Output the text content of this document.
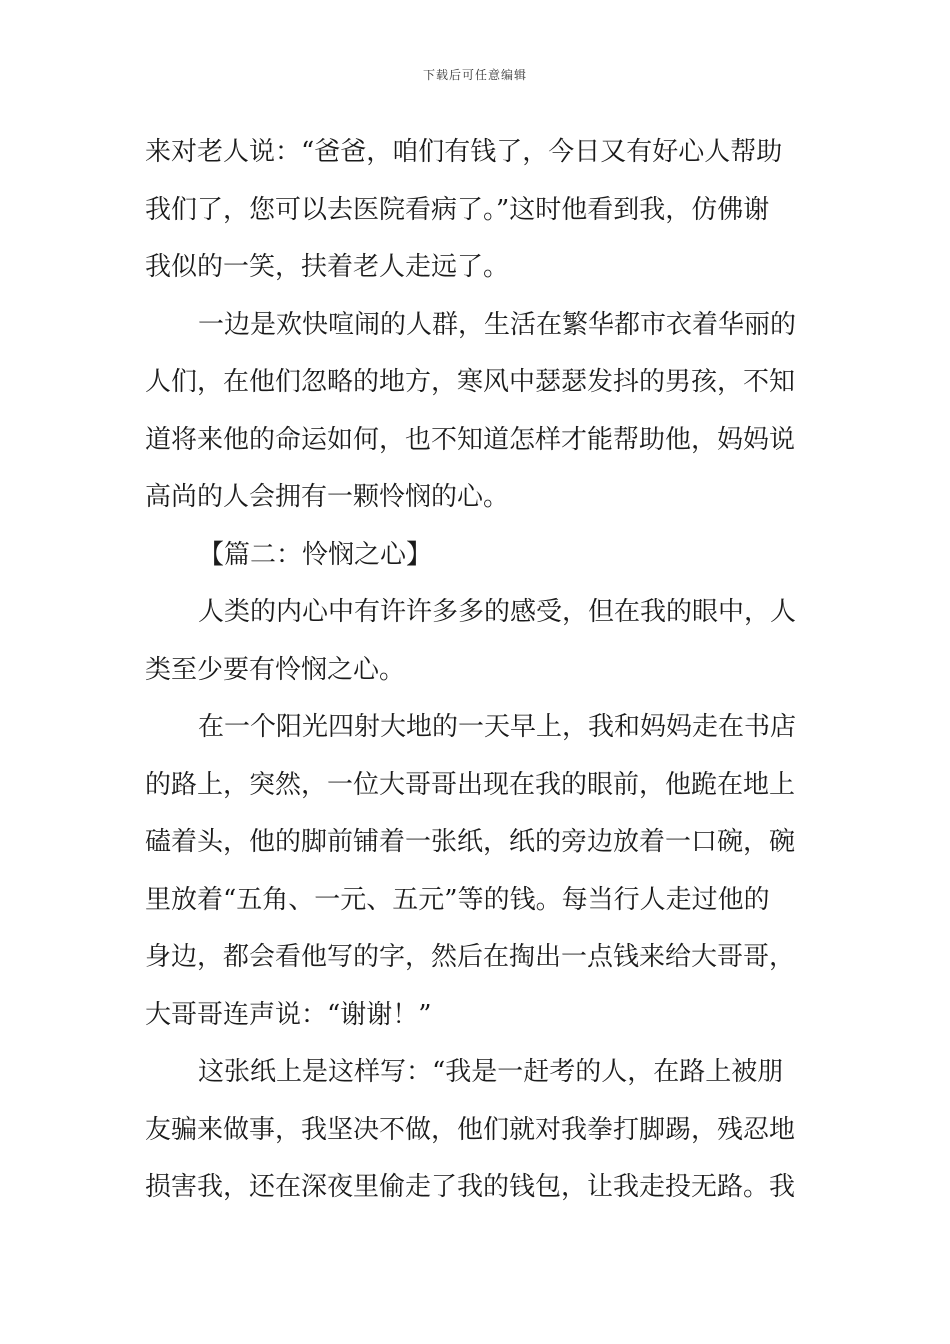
下载后可任意编辑
来对老人说：“爸爸，咱们有钱了，今日又有好心人帮助
我们了，您可以去医院看病了。”这时他看到我，仿佛谢
我似的一笑，扶着老人走远了。
一边是欢快喧闹的人群，生活在繁华都市衣着华丽的
人们，在他们忽略的地方，寒风中瑟瑟发抖的男孩，不知
道将来他的命运如何，也不知道怎样才能帮助他，妈妈说
高尚的人会拥有一颗怜悯的心。
【篇二：怜悯之心】
人类的内心中有许许多多的感受，但在我的眼中，人
类至少要有怜悯之心。
在一个阳光四射大地的一天早上，我和妈妈走在书店
的路上，突然，一位大哥哥出现在我的眼前，他跪在地上
磕着头，他的脚前铺着一张纸，纸的旁边放着一口碗，碗
里放着“五角、一元、五元”等的钱。每当行人走过他的
身边，都会看他写的字，然后在掏出一点钱来给大哥哥，
大哥哥连声说：“谢谢！”
这张纸上是这样写：“我是一赶考的人，在路上被朋
友骗来做事，我坚决不做，他们就对我拳打脚踢，残忍地
损害我，还在深夜里偷走了我的钱包，让我走投无路。我
